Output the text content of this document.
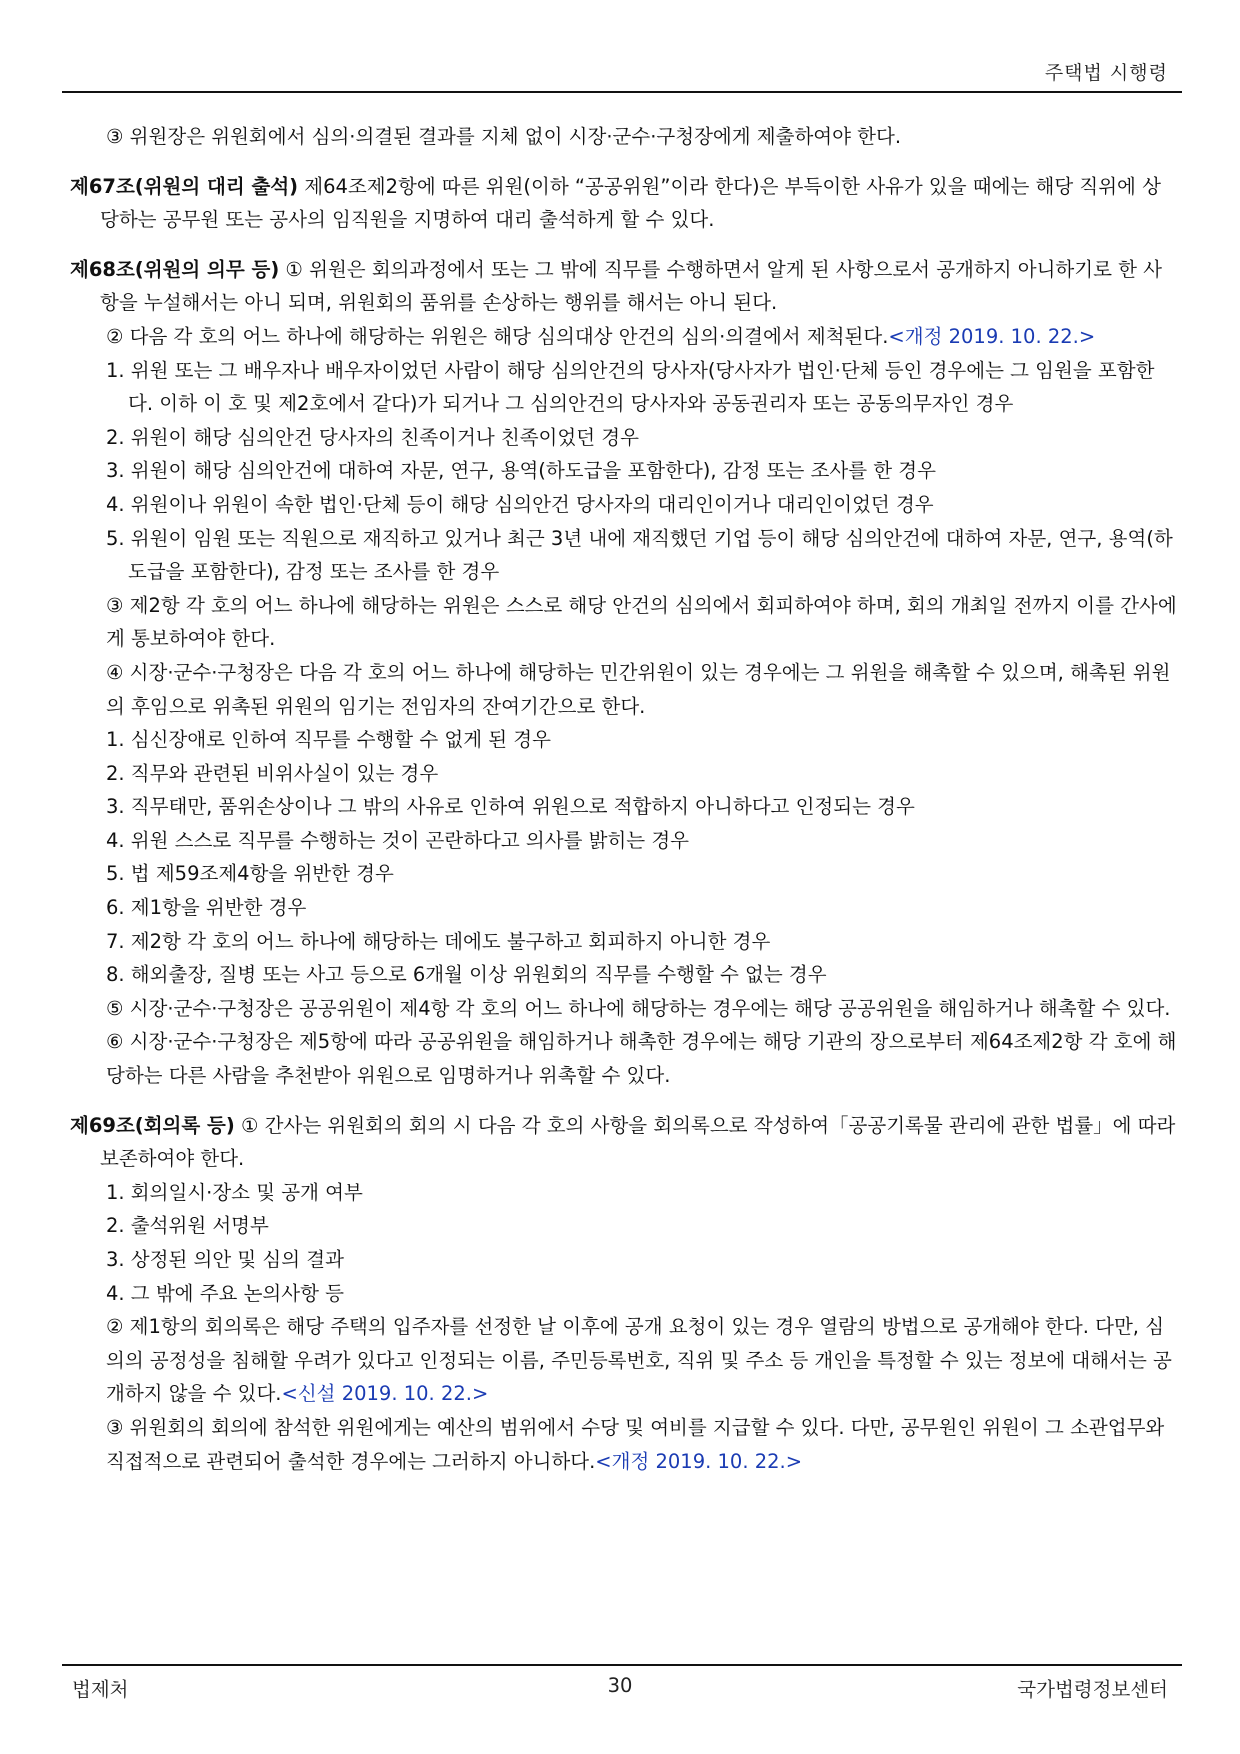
주택법 시행령

③ 위원장은 위원회에서 심의·의결된 결과를 지체 없이 시장·군수·구청장에게 제출하여야 한다.

제67조(위원의 대리 출석) 제64조제2항에 따른 위원(이하 “공공위원”이라 한다)은 부득이한 사유가 있을 때에는 해당 직위에 상당하는 공무원 또는 공사의 임직원을 지명하여 대리 출석하게 할 수 있다.

제68조(위원의 의무 등) ① 위원은 회의과정에서 또는 그 밖에 직무를 수행하면서 알게 된 사항으로서 공개하지 아니하기로 한 사항을 누설해서는 아니 되며, 위원회의 품위를 손상하는 행위를 해서는 아니 된다.

② 다음 각 호의 어느 하나에 해당하는 위원은 해당 심의대상 안건의 심의·의결에서 제척된다.<개정 2019. 10. 22.>

1. 위원 또는 그 배우자나 배우자이었던 사람이 해당 심의안건의 당사자(당사자가 법인·단체 등인 경우에는 그 임원을 포함한다. 이하 이 호 및 제2호에서 같다)가 되거나 그 심의안건의 당사자와 공동권리자 또는 공동의무자인 경우

2. 위원이 해당 심의안건 당사자의 친족이거나 친족이었던 경우

3. 위원이 해당 심의안건에 대하여 자문, 연구, 용역(하도급을 포함한다), 감정 또는 조사를 한 경우

4. 위원이나 위원이 속한 법인·단체 등이 해당 심의안건 당사자의 대리인이거나 대리인이었던 경우

5. 위원이 임원 또는 직원으로 재직하고 있거나 최근 3년 내에 재직했던 기업 등이 해당 심의안건에 대하여 자문, 연구, 용역(하도급을 포함한다), 감정 또는 조사를 한 경우

③ 제2항 각 호의 어느 하나에 해당하는 위원은 스스로 해당 안건의 심의에서 회피하여야 하며, 회의 개최일 전까지 이를 간사에게 통보하여야 한다.

④ 시장·군수·구청장은 다음 각 호의 어느 하나에 해당하는 민간위원이 있는 경우에는 그 위원을 해촉할 수 있으며, 해촉된 위원의 후임으로 위촉된 위원의 임기는 전임자의 잔여기간으로 한다.

1. 심신장애로 인하여 직무를 수행할 수 없게 된 경우

2. 직무와 관련된 비위사실이 있는 경우

3. 직무태만, 품위손상이나 그 밖의 사유로 인하여 위원으로 적합하지 아니하다고 인정되는 경우

4. 위원 스스로 직무를 수행하는 것이 곤란하다고 의사를 밝히는 경우

5. 법 제59조제4항을 위반한 경우

6. 제1항을 위반한 경우

7. 제2항 각 호의 어느 하나에 해당하는 데에도 불구하고 회피하지 아니한 경우

8. 해외출장, 질병 또는 사고 등으로 6개월 이상 위원회의 직무를 수행할 수 없는 경우

⑤ 시장·군수·구청장은 공공위원이 제4항 각 호의 어느 하나에 해당하는 경우에는 해당 공공위원을 해임하거나 해촉할 수 있다.

⑥ 시장·군수·구청장은 제5항에 따라 공공위원을 해임하거나 해촉한 경우에는 해당 기관의 장으로부터 제64조제2항 각 호에 해당하는 다른 사람을 추천받아 위원으로 임명하거나 위촉할 수 있다.

제69조(회의록 등) ① 간사는 위원회의 회의 시 다음 각 호의 사항을 회의록으로 작성하여「공공기록물 관리에 관한 법률」에 따라 보존하여야 한다.

1. 회의일시·장소 및 공개 여부

2. 출석위원 서명부

3. 상정된 의안 및 심의 결과

4. 그 밖에 주요 논의사항 등

② 제1항의 회의록은 해당 주택의 입주자를 선정한 날 이후에 공개 요청이 있는 경우 열람의 방법으로 공개해야 한다. 다만, 심의의 공정성을 침해할 우려가 있다고 인정되는 이름, 주민등록번호, 직위 및 주소 등 개인을 특정할 수 있는 정보에 대해서는 공개하지 않을 수 있다.<신설 2019. 10. 22.>

③ 위원회의 회의에 참석한 위원에게는 예산의 범위에서 수당 및 여비를 지급할 수 있다. 다만, 공무원인 위원이 그 소관업무와 직접적으로 관련되어 출석한 경우에는 그러하지 아니하다.<개정 2019. 10. 22.>

법제처	30	국가법령정보센터
